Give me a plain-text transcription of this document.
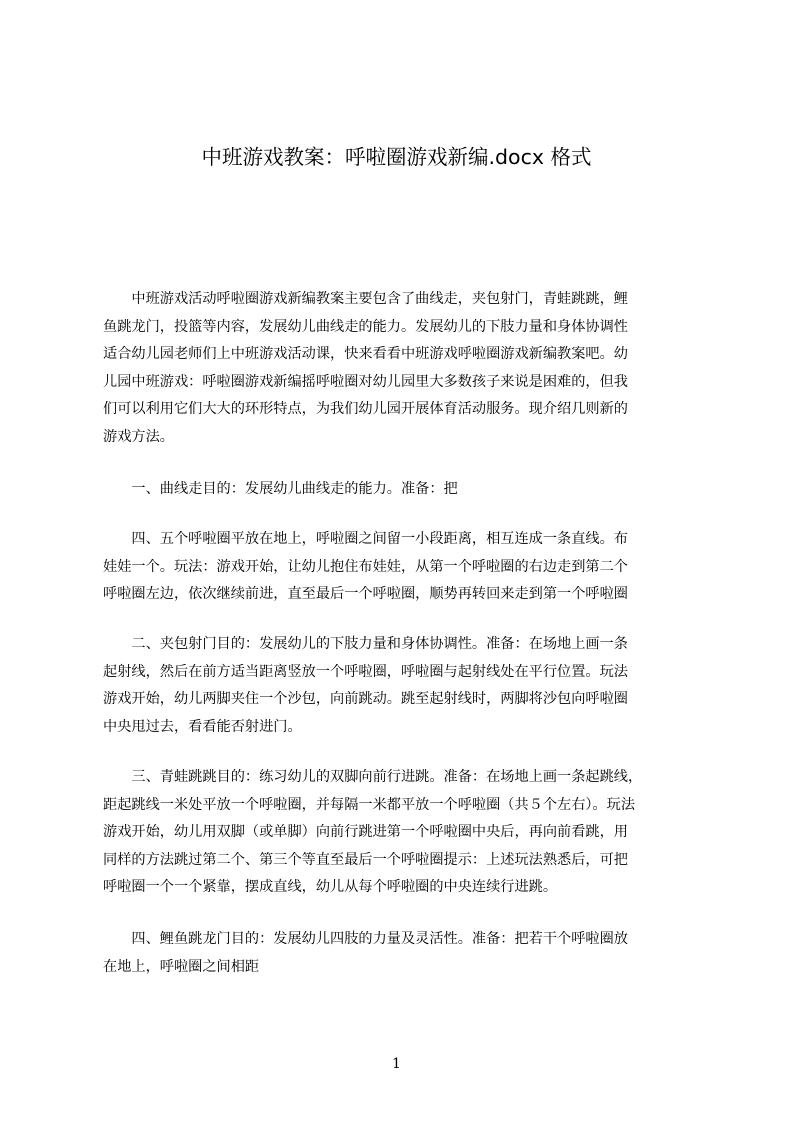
中班游戏教案：呼啦圈游戏新编.docx 格式
　　中班游戏活动呼啦圈游戏新编教案主要包含了曲线走，夹包射门，青蛙跳跳，鲤
鱼跳龙门，投篮等内容，发展幼儿曲线走的能力。发展幼儿的下肢力量和身体协调性
适合幼儿园老师们上中班游戏活动课，快来看看中班游戏呼啦圈游戏新编教案吧。幼
儿园中班游戏：呼啦圈游戏新编摇呼啦圈对幼儿园里大多数孩子来说是困难的，但我
们可以利用它们大大的环形特点，为我们幼儿园开展体育活动服务。现介绍几则新的
游戏方法。
　　一、曲线走目的：发展幼儿曲线走的能力。准备：把
　　四、五个呼啦圈平放在地上，呼啦圈之间留一小段距离，相互连成一条直线。布
娃娃一个。玩法：游戏开始，让幼儿抱住布娃娃，从第一个呼啦圈的右边走到第二个
呼啦圈左边，依次继续前进，直至最后一个呼啦圈，顺势再转回来走到第一个呼啦圈
　　二、夹包射门目的：发展幼儿的下肢力量和身体协调性。准备：在场地上画一条
起射线，然后在前方适当距离竖放一个呼啦圈，呼啦圈与起射线处在平行位置。玩法
游戏开始，幼儿两脚夹住一个沙包，向前跳动。跳至起射线时，两脚将沙包向呼啦圈
中央甩过去，看看能否射进门。
　　三、青蛙跳跳目的：练习幼儿的双脚向前行进跳。准备：在场地上画一条起跳线，
距起跳线一米处平放一个呼啦圈，并每隔一米都平放一个呼啦圈（共５个左右）。玩法
游戏开始，幼儿用双脚（或单脚）向前行跳进第一个呼啦圈中央后，再向前看跳，用
同样的方法跳过第二个、第三个等直至最后一个呼啦圈提示：上述玩法熟悉后，可把
呼啦圈一个一个紧靠，摆成直线，幼儿从每个呼啦圈的中央连续行进跳。
　　四、鲤鱼跳龙门目的：发展幼儿四肢的力量及灵活性。准备：把若干个呼啦圈放
在地上，呼啦圈之间相距
1
